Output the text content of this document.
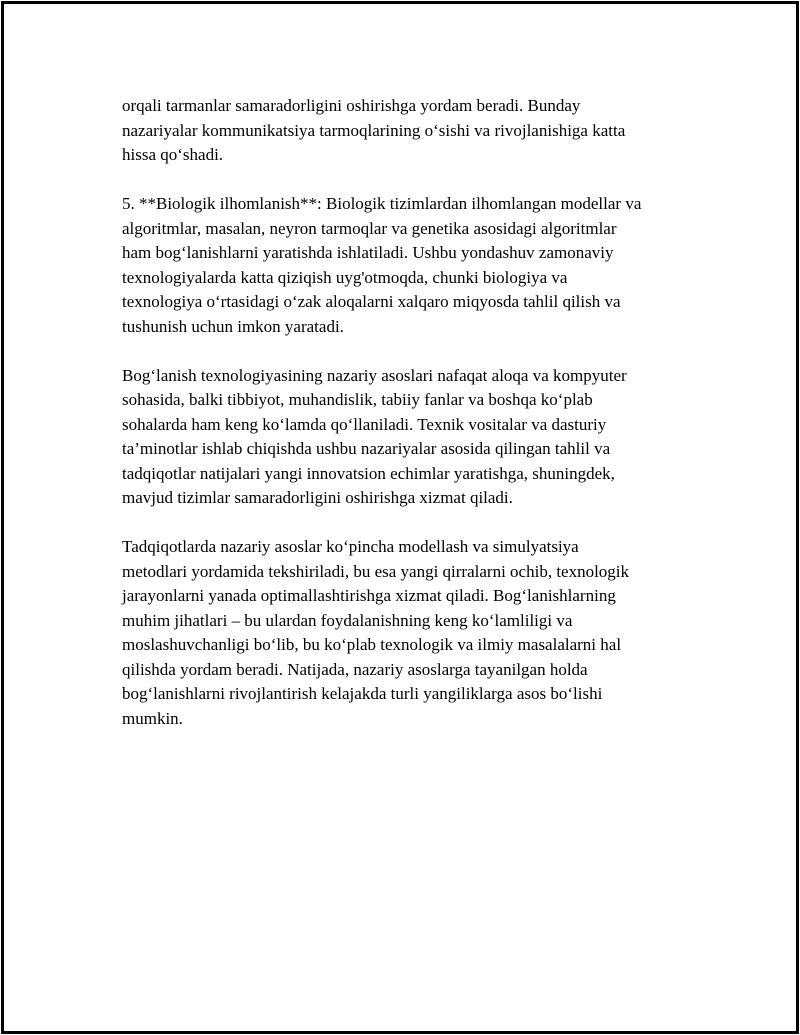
orqali tarmanlar samaradorligini oshirishga yordam beradi. Bunday
nazariyalar kommunikatsiya tarmoqlarining o‘sishi va rivojlanishiga katta
hissa qo‘shadi.

5. **Biologik ilhomlanish**: Biologik tizimlardan ilhomlangan modellar va
algoritmlar, masalan, neyron tarmoqlar va genetika asosidagi algoritmlar
ham bog‘lanishlarni yaratishda ishlatiladi. Ushbu yondashuv zamonaviy
texnologiyalarda katta qiziqish uyg'otmoqda, chunki biologiya va
texnologiya o‘rtasidagi o‘zak aloqalarni xalqaro miqyosda tahlil qilish va
tushunish uchun imkon yaratadi.

Bog‘lanish texnologiyasining nazariy asoslari nafaqat aloqa va kompyuter
sohasida, balki tibbiyot, muhandislik, tabiiy fanlar va boshqa ko‘plab
sohalarda ham keng ko‘lamda qo‘llaniladi. Texnik vositalar va dasturiy
ta’minotlar ishlab chiqishda ushbu nazariyalar asosida qilingan tahlil va
tadqiqotlar natijalari yangi innovatsion echimlar yaratishga, shuningdek,
mavjud tizimlar samaradorligini oshirishga xizmat qiladi.

Tadqiqotlarda nazariy asoslar ko‘pincha modellash va simulyatsiya
metodlari yordamida tekshiriladi, bu esa yangi qirralarni ochib, texnologik
jarayonlarni yanada optimallashtirishga xizmat qiladi. Bog‘lanishlarning
muhim jihatlari – bu ulardan foydalanishning keng ko‘lamliligi va
moslashuvchanligi bo‘lib, bu ko‘plab texnologik va ilmiy masalalarni hal
qilishda yordam beradi. Natijada, nazariy asoslarga tayanilgan holda
bog‘lanishlarni rivojlantirish kelajakda turli yangiliklarga asos bo‘lishi
mumkin.
